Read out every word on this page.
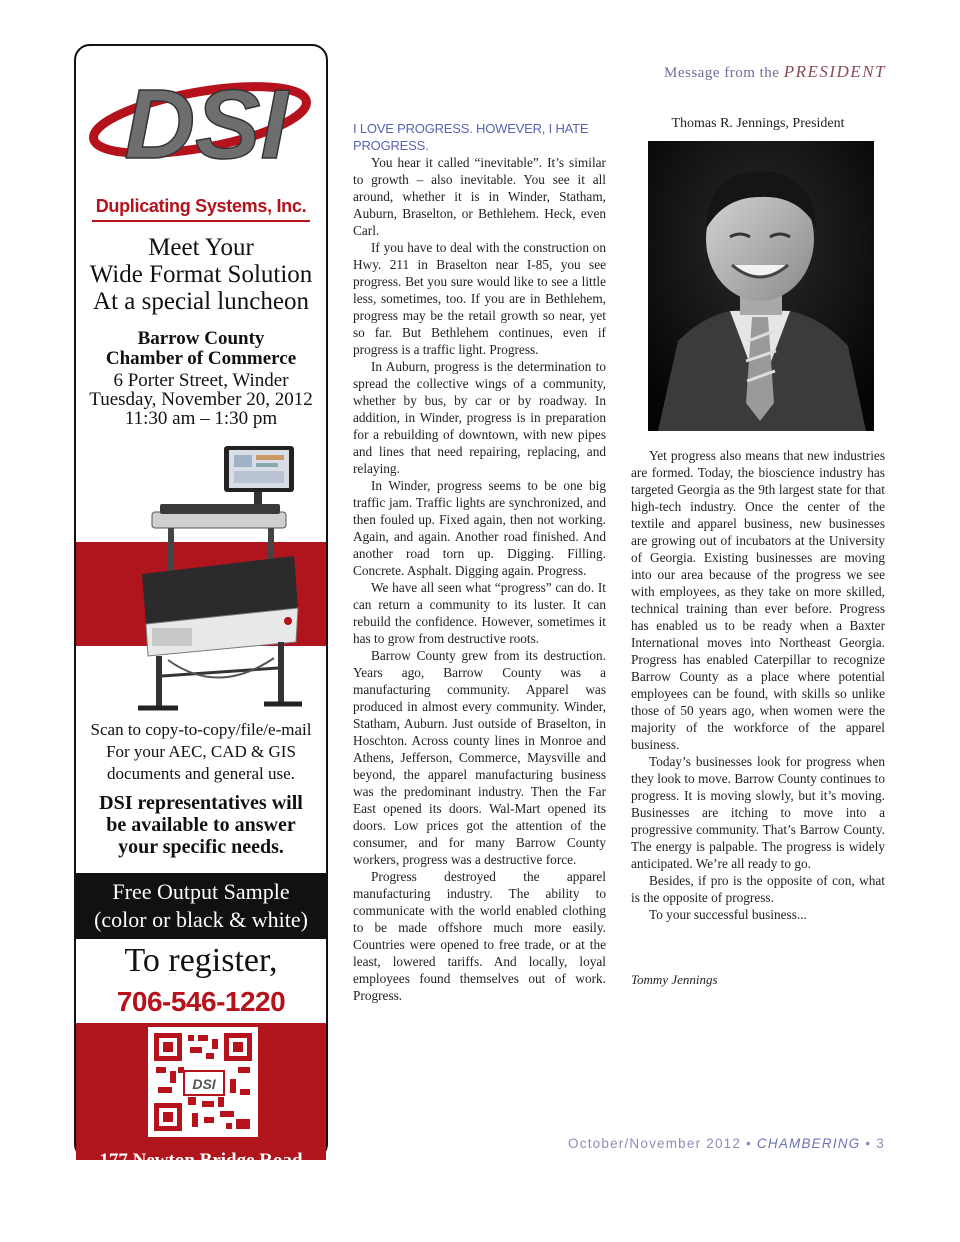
DSI
Duplicating Systems, Inc.
Meet Your
Wide Format Solution
At a special luncheon
Barrow County
Chamber of Commerce
6 Porter Street, Winder
Tuesday, November 20, 2012
11:30 am – 1:30 pm
Scan to copy-to-copy/file/e-mail
For your AEC, CAD & GIS
documents and general use.
DSI representatives will
be available to answer
your specific needs.
Free Output Sample
(color or black & white)
To register,
706-546-1220
DSI
177 Newton Bridge Road
Athens, GA 30607
Message from the PRESIDENT
I LOVE PROGRESS. HOWEVER, I HATE PROGRESS.

You hear it called “inevitable”. It’s similar to growth – also inevitable. You see it all around, whether it is in Winder, Statham, Auburn, Braselton, or Bethlehem. Heck, even Carl.

If you have to deal with the construction on Hwy. 211 in Braselton near I-85, you see progress. Bet you sure would like to see a little less, sometimes, too. If you are in Bethlehem, progress may be the retail growth so near, yet so far. But Bethlehem continues, even if progress is a traffic light. Progress.

In Auburn, progress is the determination to spread the collective wings of a community, whether by bus, by car or by roadway. In addition, in Winder, progress is in preparation for a rebuilding of downtown, with new pipes and lines that need repairing, replacing, and relaying.

In Winder, progress seems to be one big traffic jam. Traffic lights are synchronized, and then fouled up. Fixed again, then not working. Again, and again. Another road finished. And another road torn up. Digging. Filling. Concrete. Asphalt. Digging again. Progress.

We have all seen what “progress” can do. It can return a community to its luster. It can rebuild the confidence. However, sometimes it has to grow from destructive roots.

Barrow County grew from its destruction. Years ago, Barrow County was a manufacturing community. Apparel was produced in almost every community. Winder, Statham, Auburn. Just outside of Braselton, in Hoschton. Across county lines in Monroe and Athens, Jefferson, Commerce, Maysville and beyond, the apparel manufacturing business was the predominant industry. Then the Far East opened its doors. Wal-Mart opened its doors. Low prices got the attention of the consumer, and for many Barrow County workers, progress was a destructive force.

Progress destroyed the apparel manufacturing industry. The ability to communicate with the world enabled clothing to be made offshore much more easily. Countries were opened to free trade, or at the least, lowered tariffs. And locally, loyal employees found themselves out of work. Progress.

Thomas R. Jennings, President

Yet progress also means that new industries are formed. Today, the bioscience industry has targeted Georgia as the 9th largest state for that high-tech industry. Once the center of the textile and apparel business, new businesses are growing out of incubators at the University of Georgia. Existing businesses are moving into our area because of the progress we see with employees, as they take on more skilled, technical training than ever before. Progress has enabled us to be ready when a Baxter International moves into Northeast Georgia. Progress has enabled Caterpillar to recognize Barrow County as a place where potential employees can be found, with skills so unlike those of 50 years ago, when women were the majority of the workforce of the apparel business.

Today’s businesses look for progress when they look to move. Barrow County continues to progress. It is moving slowly, but it’s moving. Businesses are itching to move into a progressive community. That’s Barrow County. The energy is palpable. The progress is widely anticipated. We’re all ready to go.

Besides, if pro is the opposite of con, what is the opposite of progress.

To your successful business...

Tommy Jennings
October/November 2012 • CHAMBERING • 3
